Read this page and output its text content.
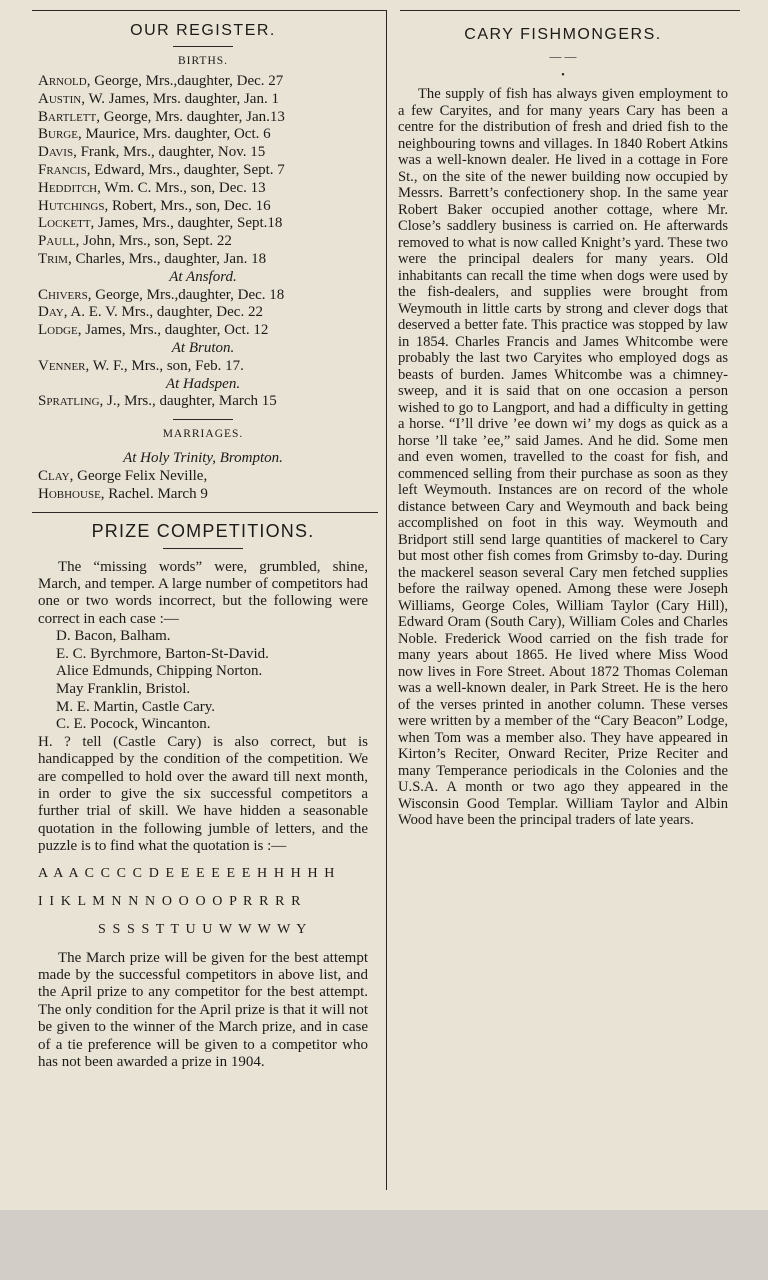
OUR REGISTER.
BIRTHS.
Arnold, George, Mrs.,daughter, Dec. 27
Austin, W. James, Mrs. daughter, Jan. 1
Bartlett, George, Mrs. daughter, Jan.13
Burge, Maurice, Mrs. daughter, Oct. 6
Davis, Frank, Mrs., daughter, Nov. 15
Francis, Edward, Mrs., daughter, Sept. 7
Hedditch, Wm. C. Mrs., son, Dec. 13
Hutchings, Robert, Mrs., son, Dec. 16
Lockett, James, Mrs., daughter, Sept.18
Paull, John, Mrs., son, Sept. 22
Trim, Charles, Mrs., daughter, Jan. 18
At Ansford.
Chivers, George, Mrs.,daughter, Dec. 18
Day, A. E. V. Mrs., daughter, Dec. 22
Lodge, James, Mrs., daughter, Oct. 12
At Bruton.
Venner, W. F., Mrs., son, Feb. 17.
At Hadspen.
Spratling, J., Mrs., daughter, March 15
MARRIAGES.
At Holy Trinity, Brompton.
Clay, George Felix Neville,
Hobhouse, Rachel. March 9
PRIZE COMPETITIONS.

The “missing words” were, grumbled, shine, March, and temper. A large number of competitors had one or two words incorrect, but the following were correct in each case :—

D. Bacon, Balham.
E. C. Byrchmore, Barton-St-David.
Alice Edmunds, Chipping Norton.
May Franklin, Bristol.
M. E. Martin, Castle Cary.
C. E. Pocock, Wincanton.

H. ? tell (Castle Cary) is also correct, but is handicapped by the condition of the competition. We are compelled to hold over the award till next month, in order to give the six successful competitors a further trial of skill. We have hidden a seasonable quotation in the following jumble of letters, and the puzzle is to find what the quotation is :—

A A A C C C C D E E E E E E H H H H H
I I K L M N N N O O O O P R R R R
S S S S T T U U W W W W Y

The March prize will be given for the best attempt made by the successful competitors in above list, and the April prize to any competitor for the best attempt. The only condition for the April prize is that it will not be given to the winner of the March prize, and in case of a tie preference will be given to a competitor who has not been awarded a prize in 1904.

CARY FISHMONGERS.
— —
•

The supply of fish has always given employment to a few Caryites, and for many years Cary has been a centre for the distribution of fresh and dried fish to the neighbouring towns and villages. In 1840 Robert Atkins was a well-known dealer. He lived in a cottage in Fore St., on the site of the newer building now occupied by Messrs. Barrett’s confectionery shop. In the same year Robert Baker occupied another cottage, where Mr. Close’s saddlery business is carried on. He afterwards removed to what is now called Knight’s yard. These two were the principal dealers for many years. Old inhabitants can recall the time when dogs were used by the fish-dealers, and supplies were brought from Weymouth in little carts by strong and clever dogs that deserved a better fate. This practice was stopped by law in 1854. Charles Francis and James Whitcombe were probably the last two Caryites who employed dogs as beasts of burden. James Whitcombe was a chimney-sweep, and it is said that on one occasion a person wished to go to Langport, and had a difficulty in getting a horse. “I’ll drive ’ee down wi’ my dogs as quick as a horse ’ll take ’ee,” said James. And he did. Some men and even women, travelled to the coast for fish, and commenced selling from their purchase as soon as they left Weymouth. Instances are on record of the whole distance between Cary and Weymouth and back being accomplished on foot in this way. Weymouth and Bridport still send large quantities of mackerel to Cary but most other fish comes from Grimsby to-day. During the mackerel season several Cary men fetched supplies before the railway opened. Among these were Joseph Williams, George Coles, William Taylor (Cary Hill), Edward Oram (South Cary), William Coles and Charles Noble. Frederick Wood carried on the fish trade for many years about 1865. He lived where Miss Wood now lives in Fore Street. About 1872 Thomas Coleman was a well-known dealer, in Park Street. He is the hero of the verses printed in another column. These verses were written by a member of the “Cary Beacon” Lodge, when Tom was a member also. They have appeared in Kirton’s Reciter, Onward Reciter, Prize Reciter and many Temperance periodicals in the Colonies and the U.S.A. A month or two ago they appeared in the Wisconsin Good Templar. William Taylor and Albin Wood have been the principal traders of late years.
